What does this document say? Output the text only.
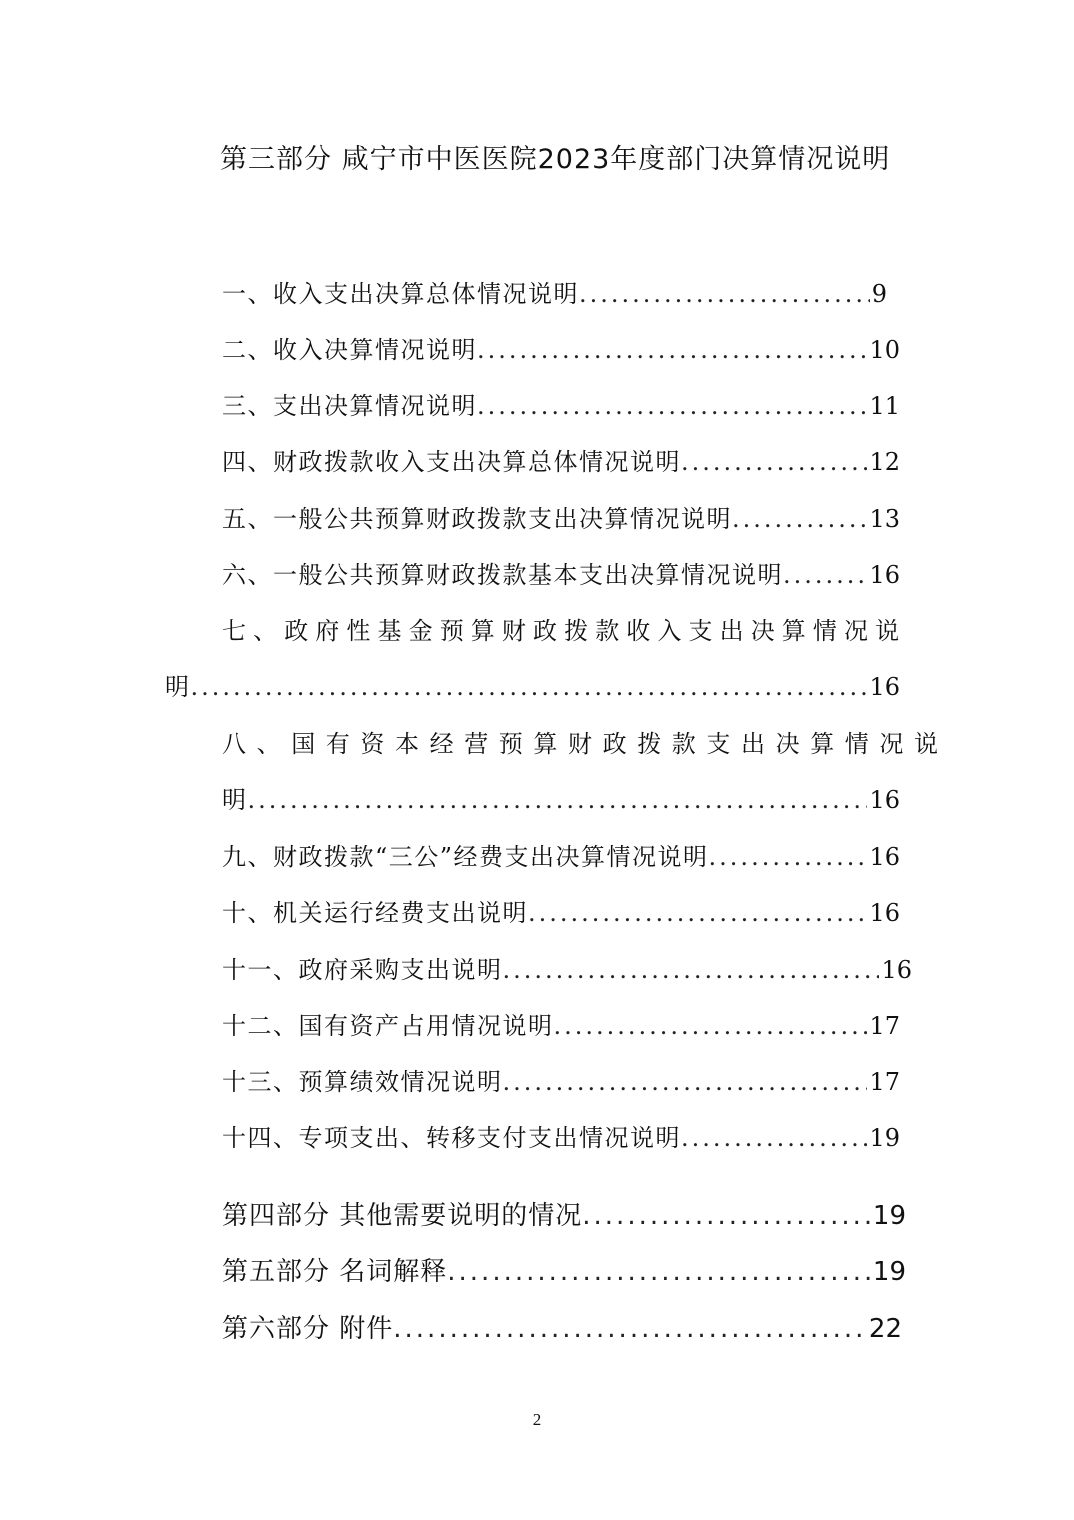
第三部分 咸宁市中医医院2023年度部门决算情况说明
一、收入支出决算总体情况说明 .....	9
二、收入决算情况说明 .....	10
三、支出决算情况说明 .....	11
四、财政拨款收入支出决算总体情况说明 .....	12
五、一般公共预算财政拨款支出决算情况说明 .....	13
六、一般公共预算财政拨款基本支出决算情况说明 .....	16
七、政府性基金预算财政拨款收入支出决算情况说
明 .....	16
八、国有资本经营预算财政拨款支出决算情况说
明 .....	16
九、财政拨款“三公”经费支出决算情况说明 .....	16
十、机关运行经费支出说明 .....	16
十一、政府采购支出说明 .....	16
十二、国有资产占用情况说明 .....	17
十三、预算绩效情况说明 .....	17
十四、专项支出、转移支付支出情况说明 .....	19
第四部分 其他需要说明的情况 .....	19
第五部分 名词解释 .....	19
第六部分 附件 .....	22
2
